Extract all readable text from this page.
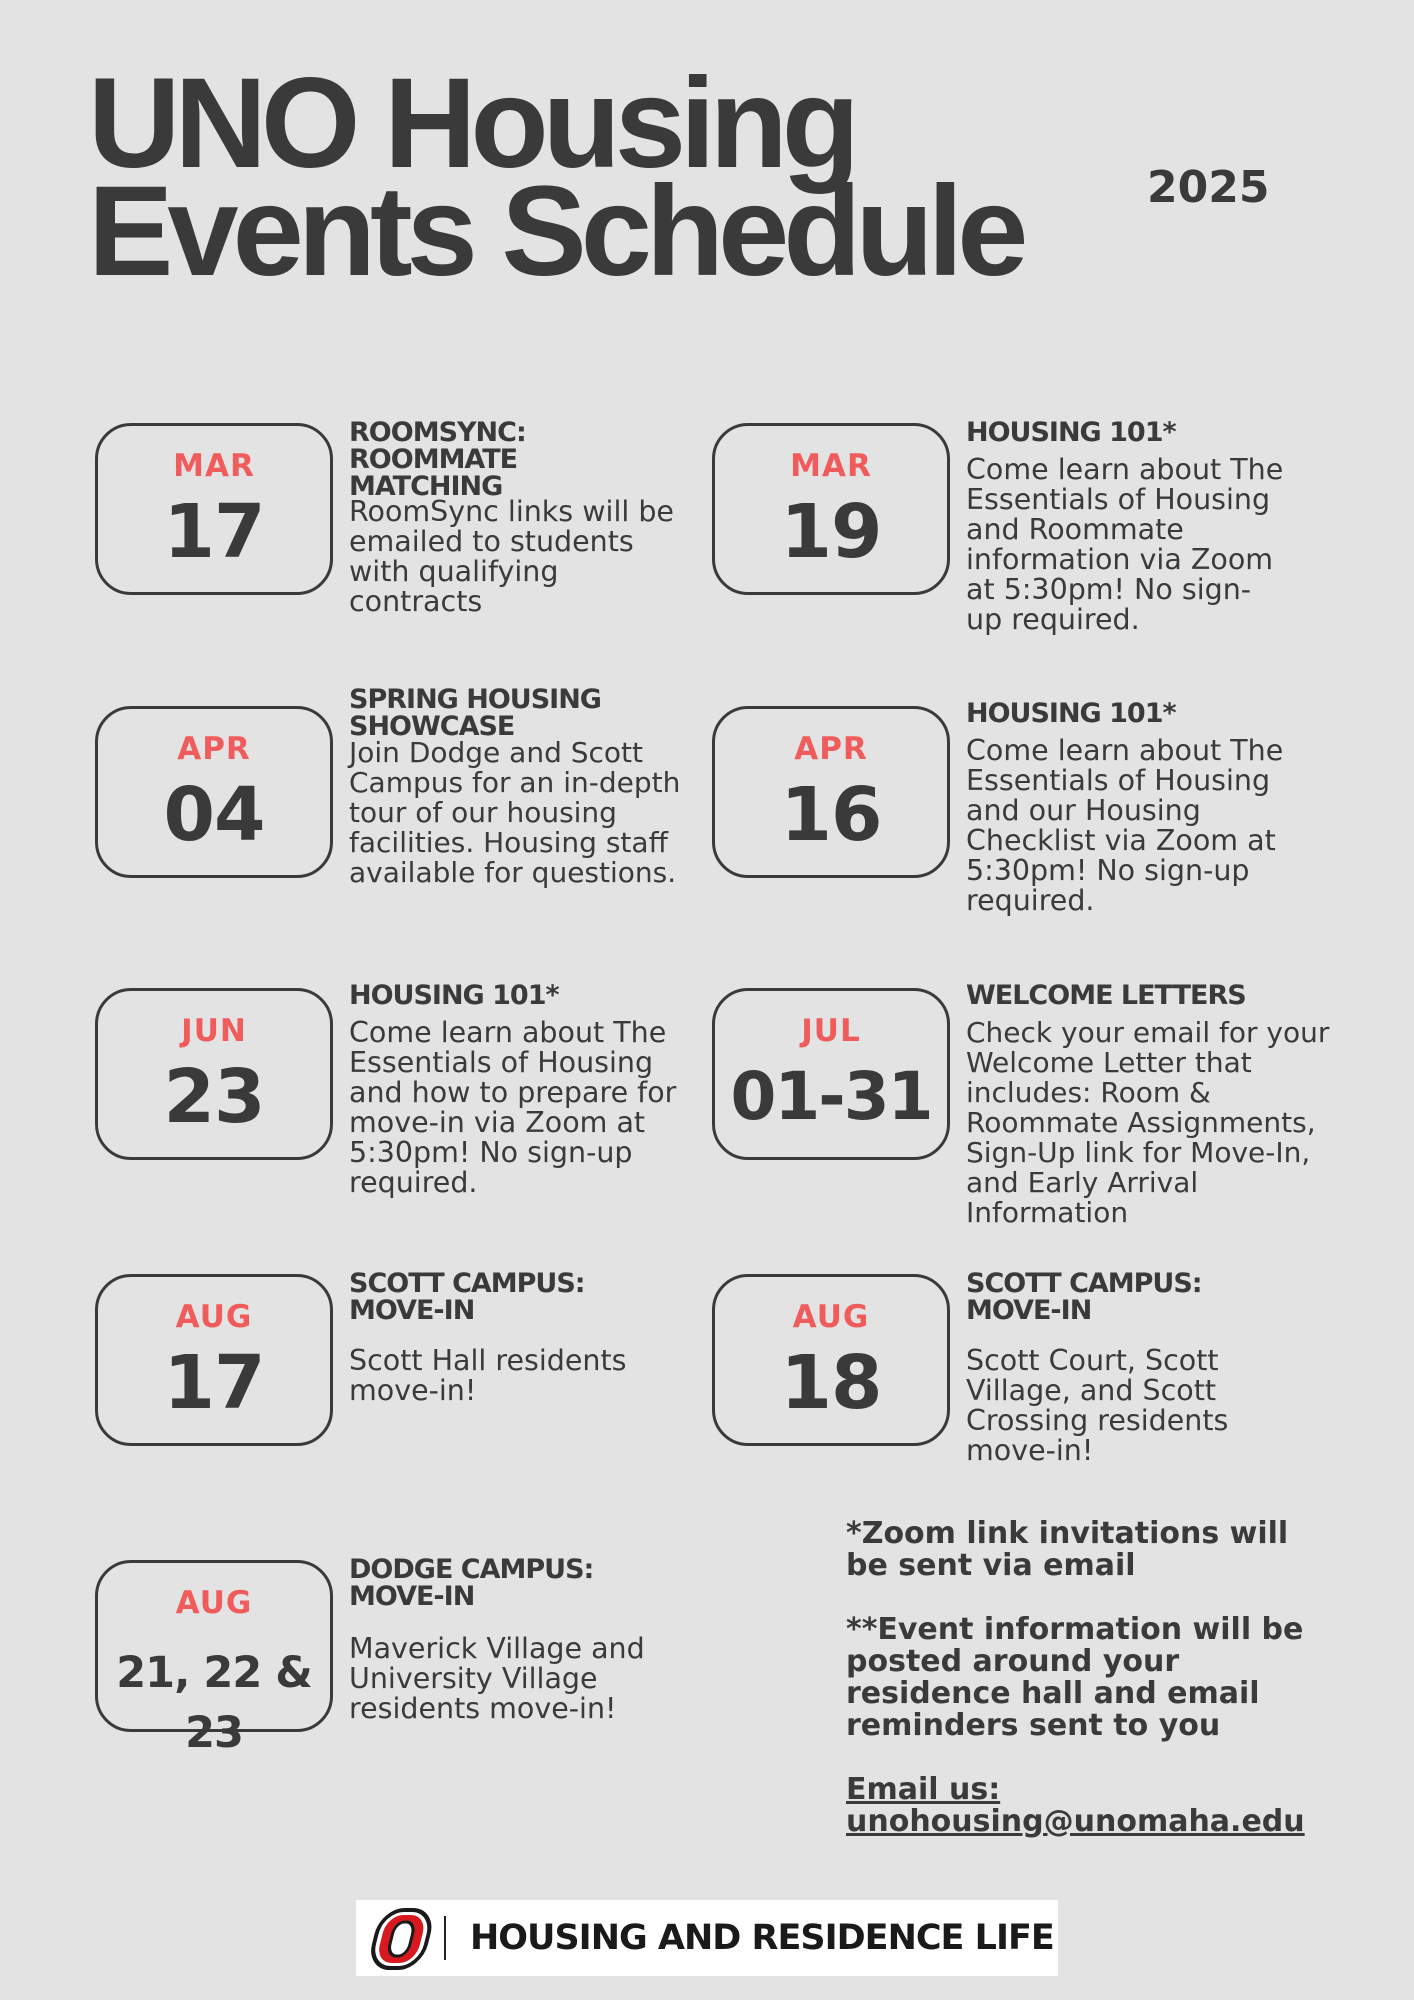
UNO Housing
Events Schedule	2025
MAR
17
ROOMSYNC: ROOMMATE MATCHING
RoomSync links will be emailed to students with qualifying contracts
MAR
19
HOUSING 101*
Come learn about The Essentials of Housing and Roommate information via Zoom at 5:30pm! No sign-up required.
APR
04
SPRING HOUSING SHOWCASE
Join Dodge and Scott Campus for an in-depth tour of our housing facilities. Housing staff available for questions.
APR
16
HOUSING 101*
Come learn about The Essentials of Housing and our Housing Checklist via Zoom at 5:30pm! No sign-up required.
JUN
23
HOUSING 101*
Come learn about The Essentials of Housing and how to prepare for move-in via Zoom at 5:30pm! No sign-up required.
JUL
01-31
WELCOME LETTERS
Check your email for your Welcome Letter that includes: Room & Roommate Assignments, Sign-Up link for Move-In, and Early Arrival Information
AUG
17
SCOTT CAMPUS: MOVE-IN
Scott Hall residents move-in!
AUG
18
SCOTT CAMPUS: MOVE-IN
Scott Court, Scott Village, and Scott Crossing residents move-in!
AUG
21, 22 & 23
DODGE CAMPUS: MOVE-IN
Maverick Village and University Village residents move-in!

*Zoom link invitations will be sent via email

**Event information will be posted around your residence hall and email reminders sent to you

Email us:
unohousing@unomaha.edu
HOUSING AND RESIDENCE LIFE
